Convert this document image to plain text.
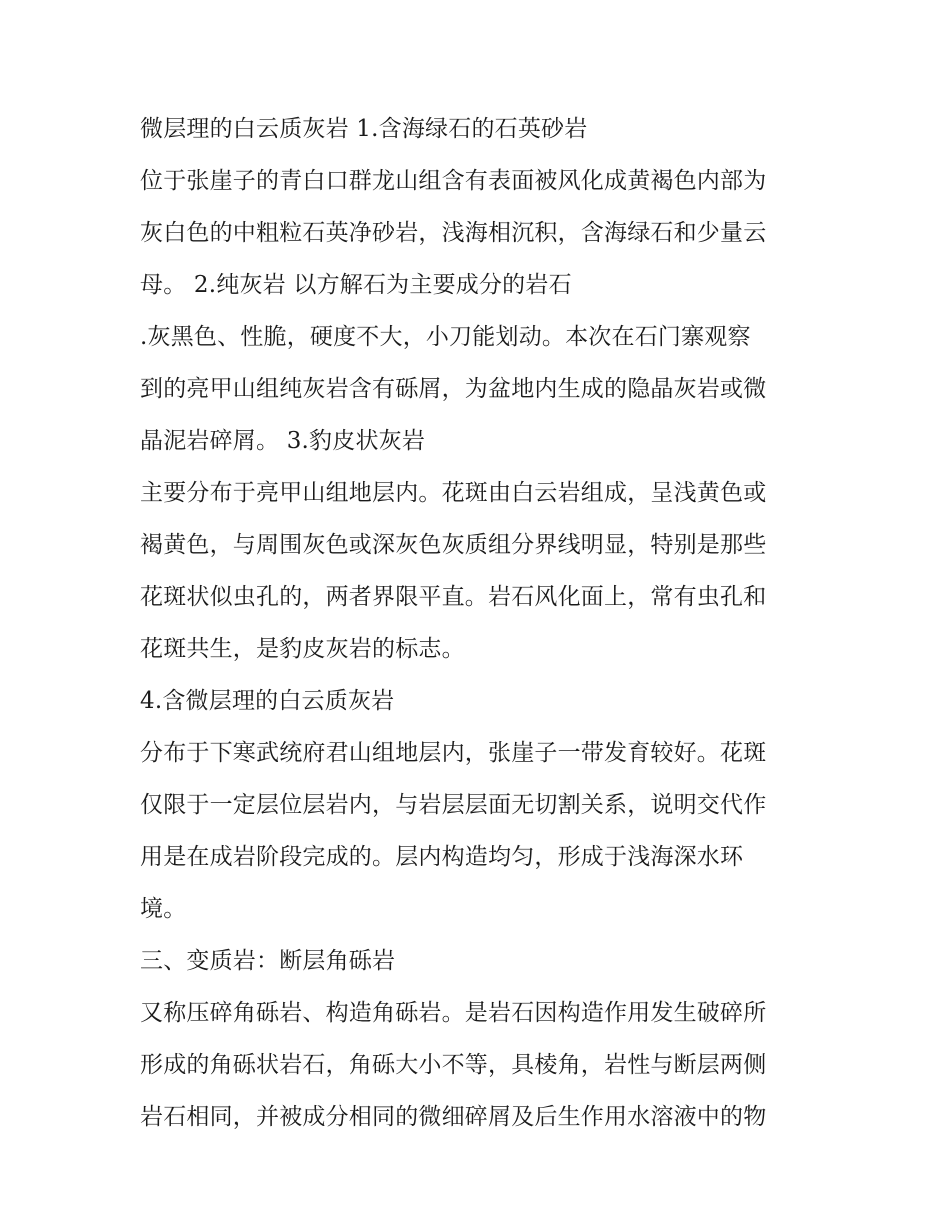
微层理的白云质灰岩 1.含海绿石的石英砂岩
位于张崖子的青白口群龙山组含有表面被风化成黄褐色内部为
灰白色的中粗粒石英净砂岩，浅海相沉积，含海绿石和少量云
母。 2.纯灰岩 以方解石为主要成分的岩石
.灰黑色、性脆，硬度不大，小刀能划动。本次在石门寨观察
到的亮甲山组纯灰岩含有砾屑，为盆地内生成的隐晶灰岩或微
晶泥岩碎屑。 3.豹皮状灰岩
主要分布于亮甲山组地层内。花斑由白云岩组成，呈浅黄色或
褐黄色，与周围灰色或深灰色灰质组分界线明显，特别是那些
花斑状似虫孔的，两者界限平直。岩石风化面上，常有虫孔和
花斑共生，是豹皮灰岩的标志。
4.含微层理的白云质灰岩
分布于下寒武统府君山组地层内，张崖子一带发育较好。花斑
仅限于一定层位层岩内，与岩层层面无切割关系，说明交代作
用是在成岩阶段完成的。层内构造均匀，形成于浅海深水环
境。
三、变质岩：断层角砾岩
又称压碎角砾岩、构造角砾岩。是岩石因构造作用发生破碎所
形成的角砾状岩石，角砾大小不等，具棱角，岩性与断层两侧
岩石相同，并被成分相同的微细碎屑及后生作用水溶液中的物
